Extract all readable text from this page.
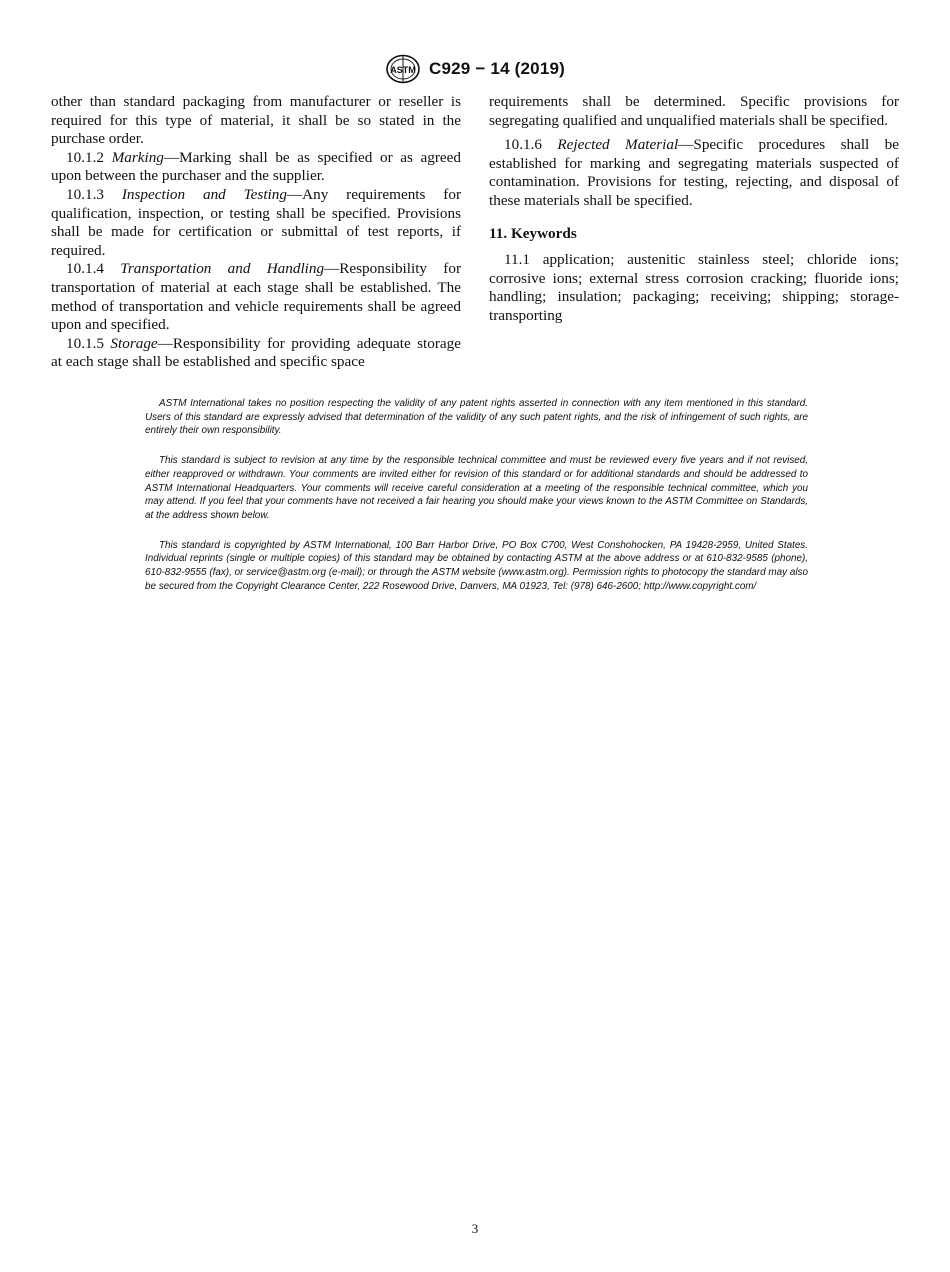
ASTM C929 − 14 (2019)

other than standard packaging from manufacturer or reseller is required for this type of material, it shall be so stated in the purchase order.

10.1.2 Marking—Marking shall be as specified or as agreed upon between the purchaser and the supplier.

10.1.3 Inspection and Testing—Any requirements for qualification, inspection, or testing shall be specified. Provisions shall be made for certification or submittal of test reports, if required.

10.1.4 Transportation and Handling—Responsibility for transportation of material at each stage shall be established. The method of transportation and vehicle requirements shall be agreed upon and specified.

10.1.5 Storage—Responsibility for providing adequate storage at each stage shall be established and specific space

requirements shall be determined. Specific provisions for segregating qualified and unqualified materials shall be specified.

10.1.6 Rejected Material—Specific procedures shall be established for marking and segregating materials suspected of contamination. Provisions for testing, rejecting, and disposal of these materials shall be specified.

11. Keywords

11.1 application; austenitic stainless steel; chloride ions; corrosive ions; external stress corrosion cracking; fluoride ions; handling; insulation; packaging; receiving; shipping; storage-transporting

ASTM International takes no position respecting the validity of any patent rights asserted in connection with any item mentioned in this standard. Users of this standard are expressly advised that determination of the validity of any such patent rights, and the risk of infringement of such rights, are entirely their own responsibility.

This standard is subject to revision at any time by the responsible technical committee and must be reviewed every five years and if not revised, either reapproved or withdrawn. Your comments are invited either for revision of this standard or for additional standards and should be addressed to ASTM International Headquarters. Your comments will receive careful consideration at a meeting of the responsible technical committee, which you may attend. If you feel that your comments have not received a fair hearing you should make your views known to the ASTM Committee on Standards, at the address shown below.

This standard is copyrighted by ASTM International, 100 Barr Harbor Drive, PO Box C700, West Conshohocken, PA 19428-2959, United States. Individual reprints (single or multiple copies) of this standard may be obtained by contacting ASTM at the above address or at 610-832-9585 (phone), 610-832-9555 (fax), or service@astm.org (e-mail); or through the ASTM website (www.astm.org). Permission rights to photocopy the standard may also be secured from the Copyright Clearance Center, 222 Rosewood Drive, Danvers, MA 01923, Tel: (978) 646-2600; http://www.copyright.com/

3
